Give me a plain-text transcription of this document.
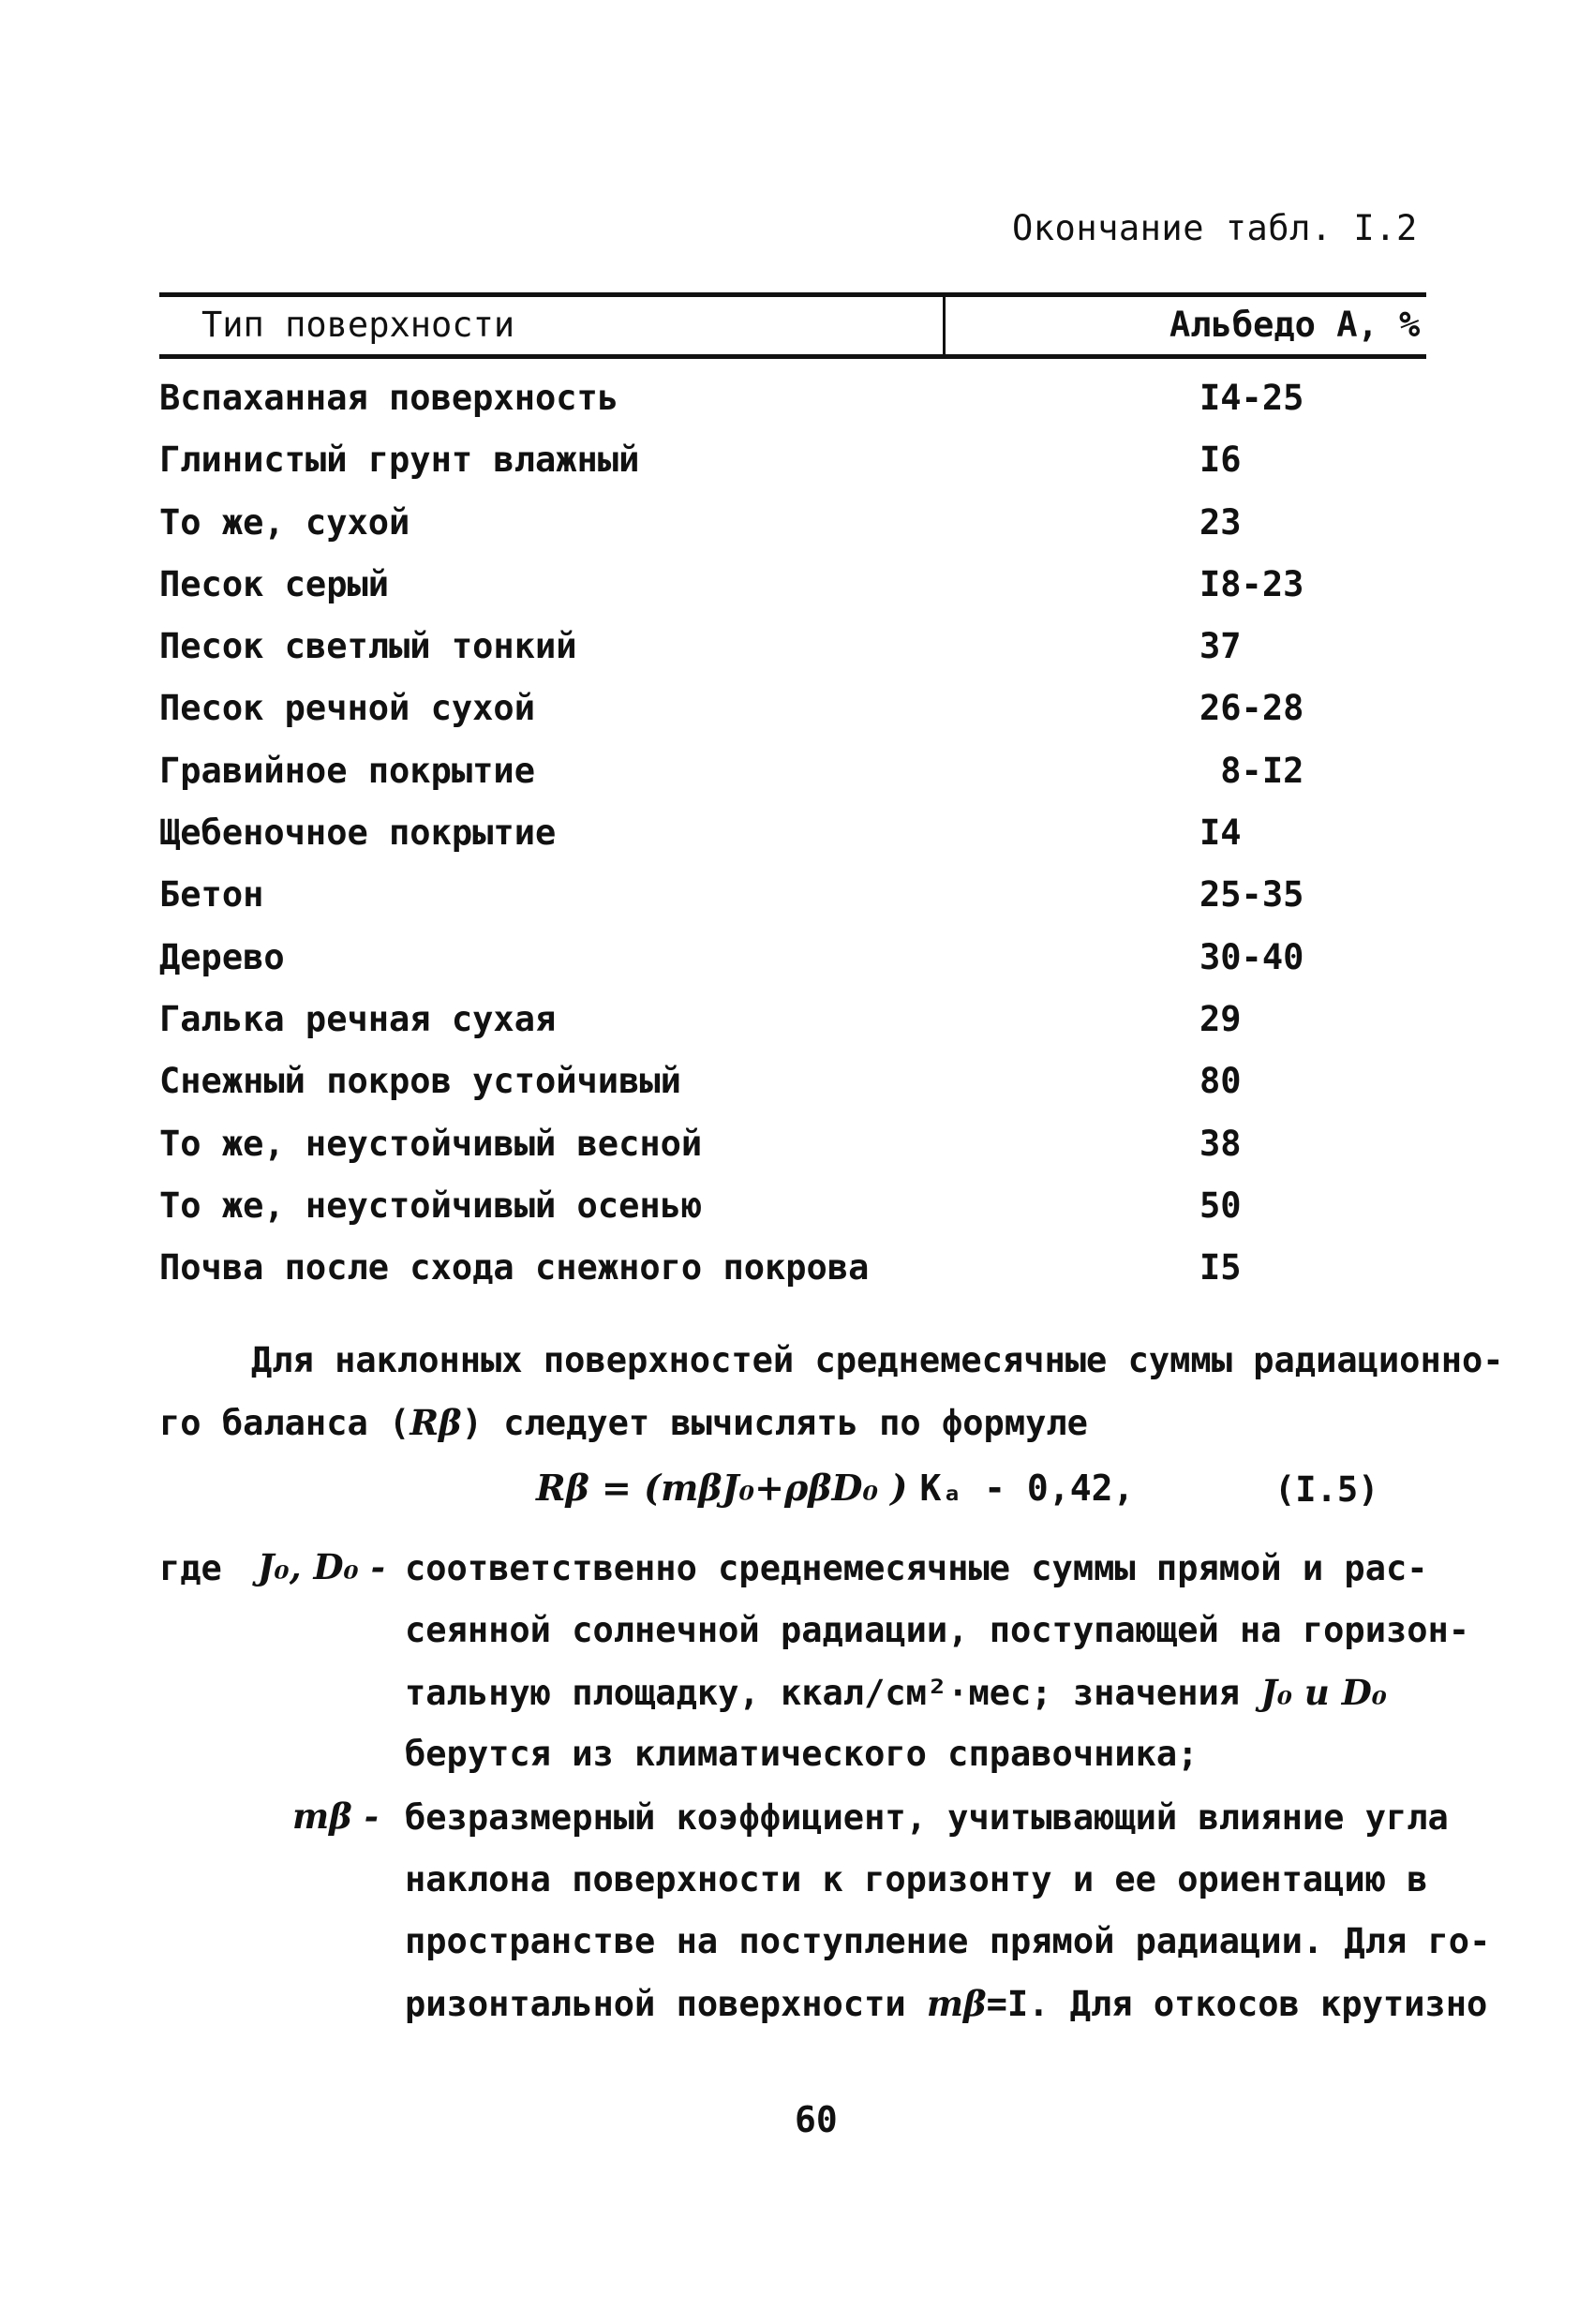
Окончание табл. I.2
Тип поверхности	Альбедо А, %
Вспаханная поверхность	I4-25
Глинистый грунт влажный	I6
То же, сухой	23
Песок серый	I8-23
Песок светлый тонкий	37
Песок речной сухой	26-28
Гравийное покрытие	8-I2
Щебеночное покрытие	I4
Бетон	25-35
Дерево	30-40
Галька речная сухая	29
Снежный покров устойчивый	80
То же, неустойчивый весной	38
То же, неустойчивый осенью	50
Почва после схода снежного покрова	I5
Для наклонных поверхностей среднемесячные суммы радиационно-
го баланса (Rβ) следует вычислять по формуле
Rβ = (mβJ₀+ρβD₀ ) Kₐ - 0,42,	(I.5)
где J₀, D₀ - соответственно среднемесячные суммы прямой и рас-
сеянной солнечной радиации, поступающей на горизон-
тальную площадку, ккал/см²·мес; значения J₀ и D₀
берутся из климатического справочника;
mβ - безразмерный коэффициент, учитывающий влияние угла
наклона поверхности к горизонту и ее ориентацию в
пространстве на поступление прямой радиации. Для го-
ризонтальной поверхности mβ=I. Для откосов крутизно
60
